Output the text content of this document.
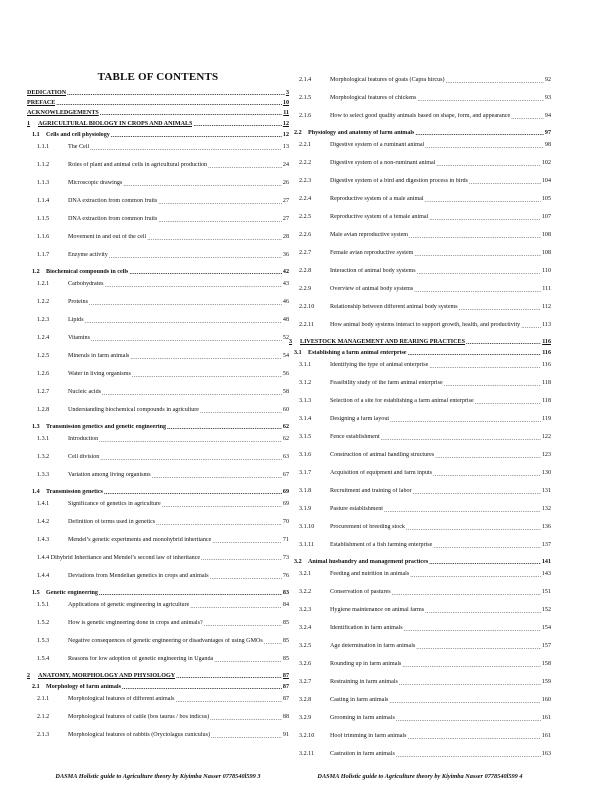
TABLE OF CONTENTS
DEDICATION .....	3
PREFACE .....	10
ACKNOWLEDGEMENTS .....	11
1	AGRICULTURAL BIOLOGY IN CROPS AND ANIMALS .....	12
1.1	Cells and cell physiology .....	12
1.1.1	The Cell .....	13
1.1.2	Roles of plant and animal cells in agricultural production .....	24
1.1.3	Microscopic drawings .....	26
1.1.4	DNA extraction from common fruits .....	27
1.1.5	DNA extraction from common fruits .....	27
1.1.6	Movement in and out of the cell .....	28
1.1.7	Enzyme activity .....	36
1.2	Biochemical compounds in cells .....	42
1.2.1	Carbohydrates .....	43
1.2.2	Proteins .....	46
1.2.3	Lipids .....	48
1.2.4	Vitamins .....	52
1.2.5	Minerals in farm animals .....	54
1.2.6	Water in living organisms .....	56
1.2.7	Nucleic acids .....	58
1.2.8	Understanding biochemical compounds in agriculture .....	60
1.3	Transmission genetics and genetic engineering .....	62
1.3.1	Introduction .....	62
1.3.2	Cell division .....	63
1.3.3	Variation among living organisms .....	67
1.4	Transmission genetics .....	69
1.4.1	Significance of genetics in agriculture .....	69
1.4.2	Definition of terms used in genetics .....	70
1.4.3	Mendel’s genetic experiments and monohybrid inheritance .....	71
1.4.4 Dihybrid Inheritance and Mendel’s second law of inheritance .....	73
1.4.4	Deviations from Mendelian genetics in crops and animals .....	76
1.5	Genetic engineering .....	83
1.5.1	Applications of genetic engineering in agriculture .....	84
1.5.2	How is genetic engineering done in crops and animals? .....	85
1.5.3	Negative consequences of genetic engineering or disadvantages of using GMOs .....	85
1.5.4	Reasons for low adoption of genetic engineering in Uganda .....	85
2	ANATOMY, MORPHOLOGY AND PHYSIOLOGY .....	87
2.1	Morphology of farm animals .....	87
2.1.1	Morphological features of different animals .....	87
2.1.2	Morphological features of cattle (bos taurus / bos indicus) .....	88
2.1.3	Morphological features of rabbits (Oryctolagus cuniculus) .....	91
2.1.4	Morphological features of goats (Capra hircus) .....	92
2.1.5	Morphological features of chickens .....	93
2.1.6	How to select good quality animals based on shape, form, and appearance .....	94
2.2	Physiology and anatomy of farm animals .....	97
2.2.1	Digestive system of a ruminant animal .....	98
2.2.2	Digestive system of a non-ruminant animal .....	102
2.2.3	Digestive system of a bird and digestion process in birds .....	104
2.2.4	Reproductive system of a male animal .....	105
2.2.5	Reproductive system of a female animal .....	107
2.2.6	Male avian reproductive system .....	108
2.2.7	Female avian reproductive system .....	108
2.2.8	Interaction of animal body systems .....	110
2.2.9	Overview of animal body systems .....	111
2.2.10	Relationship between different animal body systems .....	112
2.2.11	How animal body systems interact to support growth, health, and productivity .....	113
3	LIVESTOCK MANAGEMENT AND REARING PRACTICES .....	116
3.1	Establishing a farm animal enterprise .....	116
3.1.1	Identifying the type of animal enterprise .....	116
3.1.2	Feasibility study of the farm animal enterprise .....	118
3.1.3	Selection of a site for establishing a farm animal enterprise .....	118
3.1.4	Designing a farm layout .....	119
3.1.5	Fence establishment .....	122
3.1.6	Construction of animal handling structures .....	123
3.1.7	Acquisition of equipment and farm inputs .....	130
3.1.8	Recruitment and training of labor .....	131
3.1.9	Pasture establishment .....	132
3.1.10	Procurement of breeding stock .....	136
3.1.11	Establishment of a fish farming enterprise .....	137
3.2	Animal husbandry and management practices .....	141
3.2.1	Feeding and nutrition in animals .....	143
3.2.2	Conservation of pastures .....	151
3.2.3	Hygiene maintenance on animal farms .....	152
3.2.4	Identification in farm animals .....	154
3.2.5	Age determination in farm animals .....	157
3.2.6	Rounding up in farm animals .....	158
3.2.7	Restraining in farm animals .....	159
3.2.8	Casting in farm animals .....	160
3.2.9	Grooming in farm animals .....	161
3.2.10	Hoof trimming in farm animals .....	161
3.2.11	Castration in farm animals .....	163
DASMA Holistic guide to Agriculture theory by Kiyimba Nasser 0778540l599 3	DASMA Holistic guide to Agriculture theory by Kiyimba Nasser 0778540l599 4
